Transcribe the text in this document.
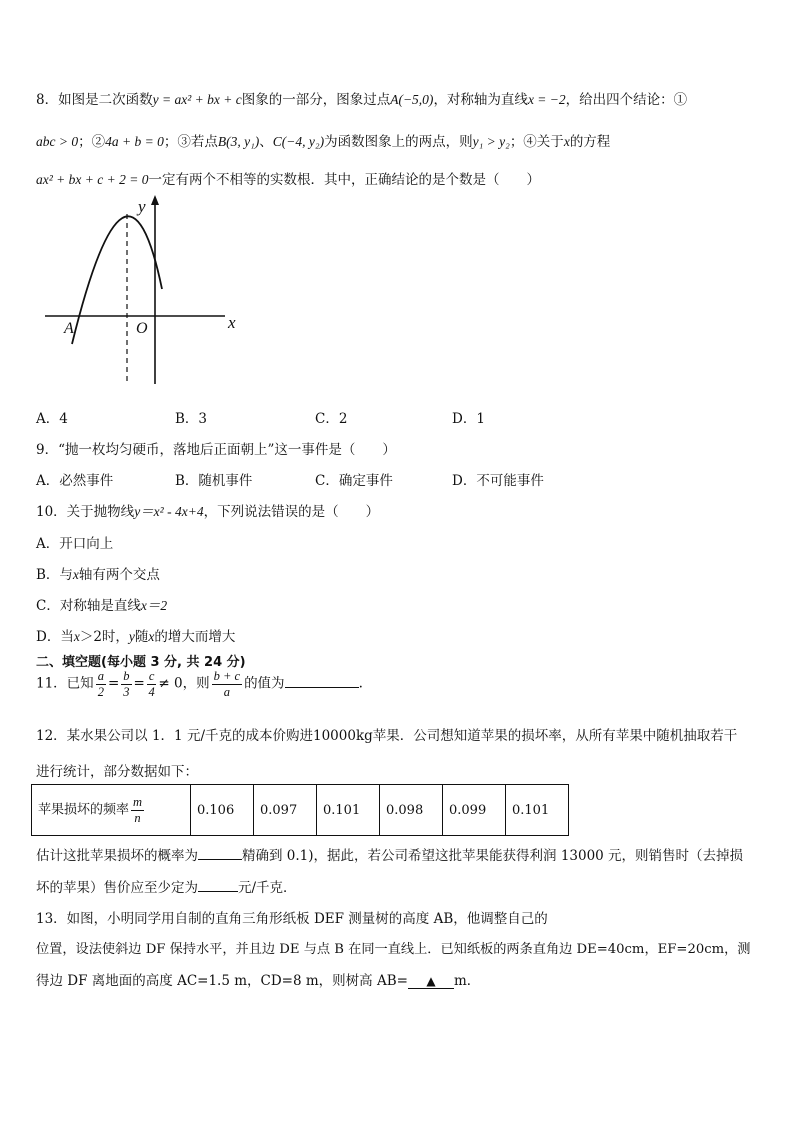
8．如图是二次函数y = ax² + bx + c图象的一部分，图象过点A(−5,0)，对称轴为直线x = −2，给出四个结论：①
abc > 0；②4a + b = 0；③若点B(3, y₁)、C(−4, y₂)为函数图象上的两点，则y₁ > y₂；④关于x的方程
ax² + bx + c + 2 = 0一定有两个不相等的实数根．其中，正确结论的是个数是（　　）
y
x
O
A
A．4	B．3	C．2	D．1
9．“抛一枚均匀硬币，落地后正面朝上”这一事件是（　　）
A．必然事件	B．随机事件	C．确定事件	D．不可能事件
10．关于抛物线y＝x² - 4x+4，下列说法错误的是（　　）
A．开口向上
B．与x轴有两个交点
C．对称轴是直线x＝2
D．当x＞2时，y随x的增大而增大
二、填空题(每小题 3 分, 共 24 分)
11．已知 $\frac{a}{2} = \frac{b}{3} = \frac{c}{4} \ne 0$，则 $\frac{b + c}{a}$ 的值为	.
12．某水果公司以 1．1 元/千克的成本价购进10000kg苹果．公司想知道苹果的损坏率，从所有苹果中随机抽取若干
进行统计，部分数据如下：
苹果损坏的频率 $\frac{m}{n}$	0.106	0.097	0.101	0.098	0.099	0.101
估计这批苹果损坏的概率为	精确到 0.1)，据此，若公司希望这批苹果能获得利润 13000 元，则销售时（去掉损
坏的苹果）售价应至少定为	元/千克．
13．如图，小明同学用自制的直角三角形纸板 DEF 测量树的高度 AB，他调整自己的
位置，设法使斜边 DF 保持水平，并且边 DE 与点 B 在同一直线上．已知纸板的两条直角边 DE=40cm，EF=20cm，测
得边 DF 离地面的高度 AC=1.5 m，CD=8 m，则树高 AB= ▲ m．
